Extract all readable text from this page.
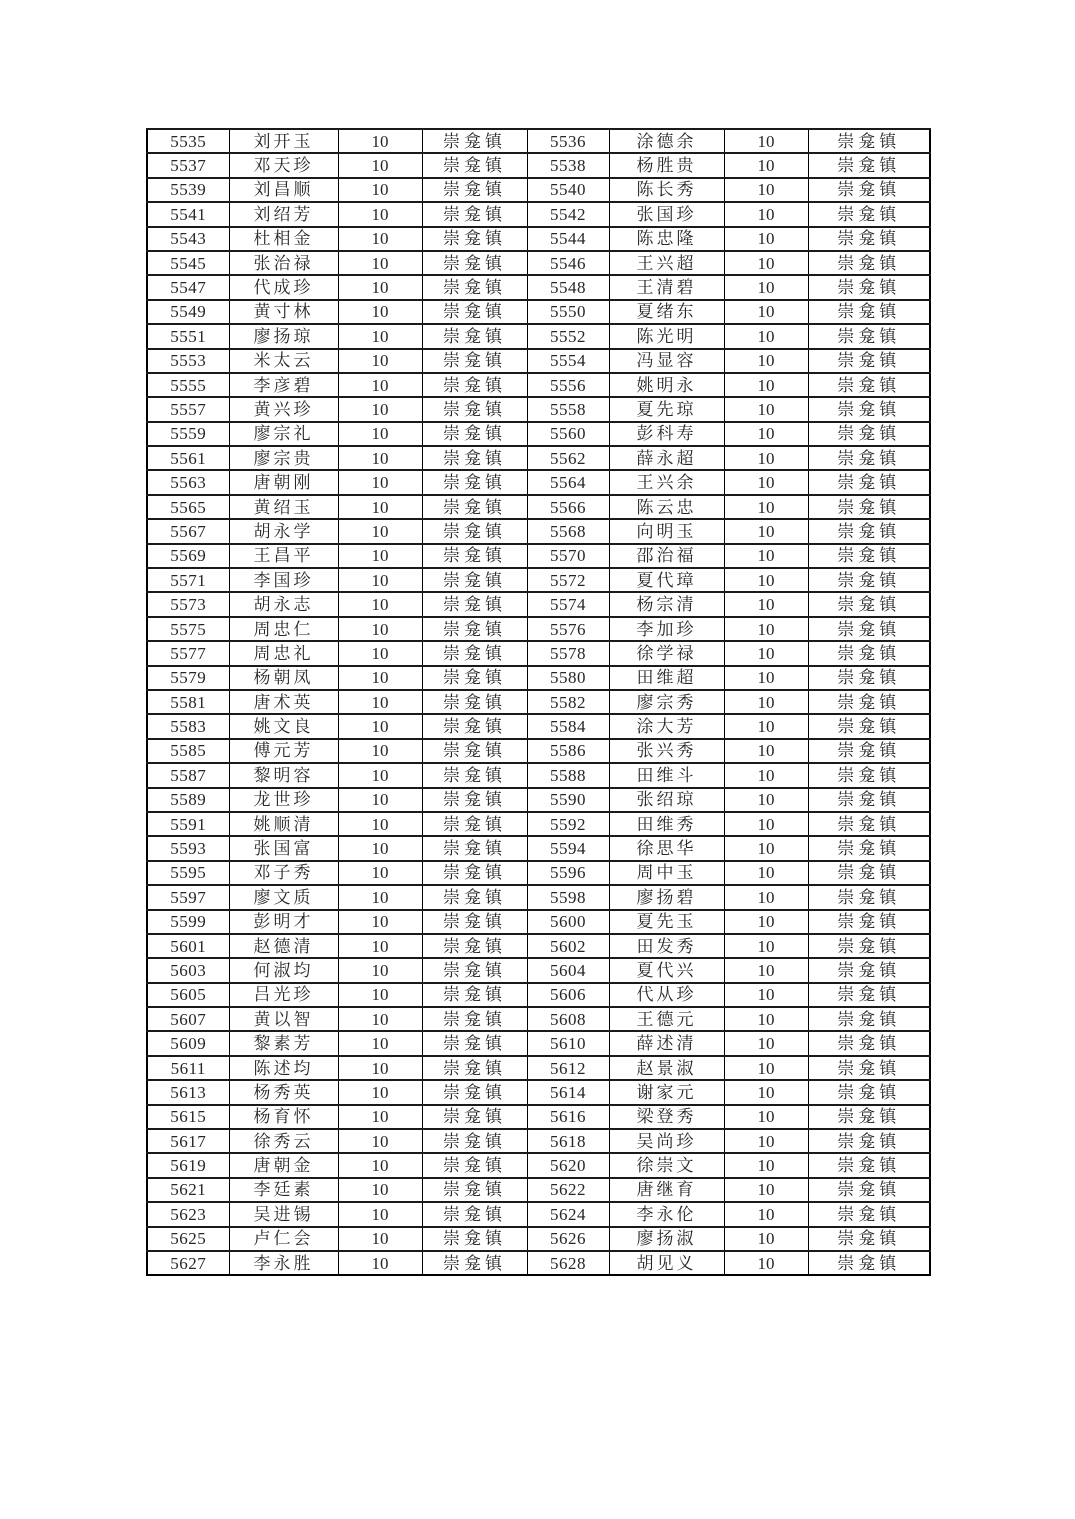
5535	刘开玉	10	崇龛镇	5536	涂德余	10	崇龛镇
5537	邓天珍	10	崇龛镇	5538	杨胜贵	10	崇龛镇
5539	刘昌顺	10	崇龛镇	5540	陈长秀	10	崇龛镇
5541	刘绍芳	10	崇龛镇	5542	张国珍	10	崇龛镇
5543	杜相金	10	崇龛镇	5544	陈忠隆	10	崇龛镇
5545	张治禄	10	崇龛镇	5546	王兴超	10	崇龛镇
5547	代成珍	10	崇龛镇	5548	王清碧	10	崇龛镇
5549	黄寸林	10	崇龛镇	5550	夏绪东	10	崇龛镇
5551	廖扬琼	10	崇龛镇	5552	陈光明	10	崇龛镇
5553	米太云	10	崇龛镇	5554	冯显容	10	崇龛镇
5555	李彦碧	10	崇龛镇	5556	姚明永	10	崇龛镇
5557	黄兴珍	10	崇龛镇	5558	夏先琼	10	崇龛镇
5559	廖宗礼	10	崇龛镇	5560	彭科寿	10	崇龛镇
5561	廖宗贵	10	崇龛镇	5562	薛永超	10	崇龛镇
5563	唐朝刚	10	崇龛镇	5564	王兴余	10	崇龛镇
5565	黄绍玉	10	崇龛镇	5566	陈云忠	10	崇龛镇
5567	胡永学	10	崇龛镇	5568	向明玉	10	崇龛镇
5569	王昌平	10	崇龛镇	5570	邵治福	10	崇龛镇
5571	李国珍	10	崇龛镇	5572	夏代璋	10	崇龛镇
5573	胡永志	10	崇龛镇	5574	杨宗清	10	崇龛镇
5575	周忠仁	10	崇龛镇	5576	李加珍	10	崇龛镇
5577	周忠礼	10	崇龛镇	5578	徐学禄	10	崇龛镇
5579	杨朝凤	10	崇龛镇	5580	田维超	10	崇龛镇
5581	唐术英	10	崇龛镇	5582	廖宗秀	10	崇龛镇
5583	姚文良	10	崇龛镇	5584	涂大芳	10	崇龛镇
5585	傅元芳	10	崇龛镇	5586	张兴秀	10	崇龛镇
5587	黎明容	10	崇龛镇	5588	田维斗	10	崇龛镇
5589	龙世珍	10	崇龛镇	5590	张绍琼	10	崇龛镇
5591	姚顺清	10	崇龛镇	5592	田维秀	10	崇龛镇
5593	张国富	10	崇龛镇	5594	徐思华	10	崇龛镇
5595	邓子秀	10	崇龛镇	5596	周中玉	10	崇龛镇
5597	廖文质	10	崇龛镇	5598	廖扬碧	10	崇龛镇
5599	彭明才	10	崇龛镇	5600	夏先玉	10	崇龛镇
5601	赵德清	10	崇龛镇	5602	田发秀	10	崇龛镇
5603	何淑均	10	崇龛镇	5604	夏代兴	10	崇龛镇
5605	吕光珍	10	崇龛镇	5606	代从珍	10	崇龛镇
5607	黄以智	10	崇龛镇	5608	王德元	10	崇龛镇
5609	黎素芳	10	崇龛镇	5610	薛述清	10	崇龛镇
5611	陈述均	10	崇龛镇	5612	赵景淑	10	崇龛镇
5613	杨秀英	10	崇龛镇	5614	谢家元	10	崇龛镇
5615	杨育怀	10	崇龛镇	5616	梁登秀	10	崇龛镇
5617	徐秀云	10	崇龛镇	5618	吴尚珍	10	崇龛镇
5619	唐朝金	10	崇龛镇	5620	徐崇文	10	崇龛镇
5621	李廷素	10	崇龛镇	5622	唐继育	10	崇龛镇
5623	吴进锡	10	崇龛镇	5624	李永伦	10	崇龛镇
5625	卢仁会	10	崇龛镇	5626	廖扬淑	10	崇龛镇
5627	李永胜	10	崇龛镇	5628	胡见义	10	崇龛镇
